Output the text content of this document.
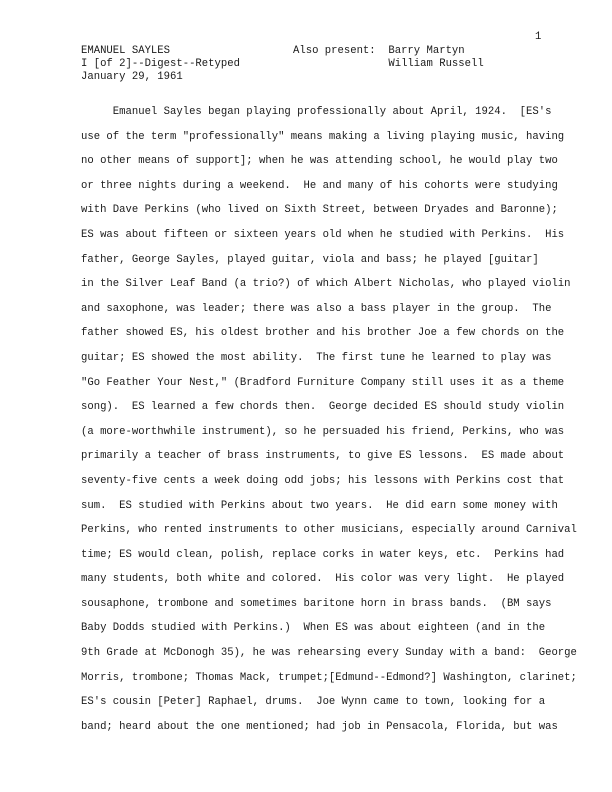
1
EMANUEL SAYLES
I [of 2]--Digest--Retyped
January 29, 1961
Also present:  Barry Martyn
William Russell
Emanuel Sayles began playing professionally about April, 1924.  [ES's
use of the term "professionally" means making a living playing music, having
no other means of support]; when he was attending school, he would play two
or three nights during a weekend.  He and many of his cohorts were studying
with Dave Perkins (who lived on Sixth Street, between Dryades and Baronne);
ES was about fifteen or sixteen years old when he studied with Perkins.  His
father, George Sayles, played guitar, viola and bass; he played [guitar]
in the Silver Leaf Band (a trio?) of which Albert Nicholas, who played violin
and saxophone, was leader; there was also a bass player in the group.  The
father showed ES, his oldest brother and his brother Joe a few chords on the
guitar; ES showed the most ability.  The first tune he learned to play was
"Go Feather Your Nest," (Bradford Furniture Company still uses it as a theme
song).  ES learned a few chords then.  George decided ES should study violin
(a more-worthwhile instrument), so he persuaded his friend, Perkins, who was
primarily a teacher of brass instruments, to give ES lessons.  ES made about
seventy-five cents a week doing odd jobs; his lessons with Perkins cost that
sum.  ES studied with Perkins about two years.  He did earn some money with
Perkins, who rented instruments to other musicians, especially around Carnival
time; ES would clean, polish, replace corks in water keys, etc.  Perkins had
many students, both white and colored.  His color was very light.  He played
sousaphone, trombone and sometimes baritone horn in brass bands.  (BM says
Baby Dodds studied with Perkins.)  When ES was about eighteen (and in the
9th Grade at McDonogh 35), he was rehearsing every Sunday with a band:  George
Morris, trombone; Thomas Mack, trumpet;[Edmund--Edmond?] Washington, clarinet;
ES's cousin [Peter] Raphael, drums.  Joe Wynn came to town, looking for a
band; heard about the one mentioned; had job in Pensacola, Florida, but was
